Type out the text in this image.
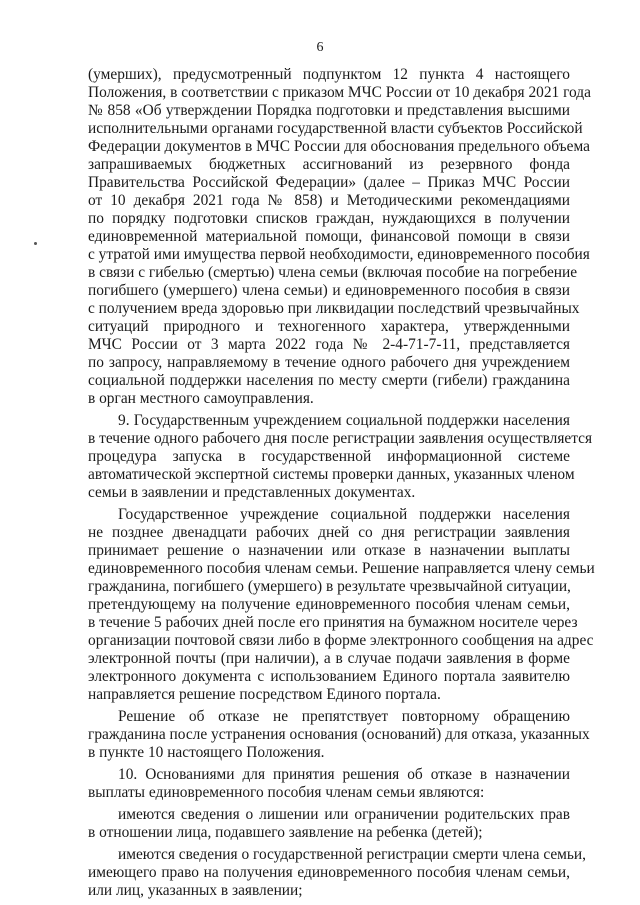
6
(умерших), предусмотренный подпунктом 12 пункта 4 настоящего
Положения, в соответствии с приказом МЧС России от 10 декабря 2021 года
№ 858 «Об утверждении Порядка подготовки и представления высшими
исполнительными органами государственной власти субъектов Российской
Федерации документов в МЧС России для обоснования предельного объема
запрашиваемых бюджетных ассигнований из резервного фонда
Правительства Российской Федерации» (далее – Приказ МЧС России
от 10 декабря 2021 года № 858) и Методическими рекомендациями
по порядку подготовки списков граждан, нуждающихся в получении
единовременной материальной помощи, финансовой помощи в связи
с утратой ими имущества первой необходимости, единовременного пособия
в связи с гибелью (смертью) члена семьи (включая пособие на погребение
погибшего (умершего) члена семьи) и единовременного пособия в связи
с получением вреда здоровью при ликвидации последствий чрезвычайных
ситуаций природного и техногенного характера, утвержденными
МЧС России от 3 марта 2022 года № 2-4-71-7-11, представляется
по запросу, направляемому в течение одного рабочего дня учреждением
социальной поддержки населения по месту смерти (гибели) гражданина
в орган местного самоуправления.
9. Государственным учреждением социальной поддержки населения
в течение одного рабочего дня после регистрации заявления осуществляется
процедура запуска в государственной информационной системе
автоматической экспертной системы проверки данных, указанных членом
семьи в заявлении и представленных документах.
Государственное учреждение социальной поддержки населения
не позднее двенадцати рабочих дней со дня регистрации заявления
принимает решение о назначении или отказе в назначении выплаты
единовременного пособия членам семьи. Решение направляется члену семьи
гражданина, погибшего (умершего) в результате чрезвычайной ситуации,
претендующему на получение единовременного пособия членам семьи,
в течение 5 рабочих дней после его принятия на бумажном носителе через
организации почтовой связи либо в форме электронного сообщения на адрес
электронной почты (при наличии), а в случае подачи заявления в форме
электронного документа с использованием Единого портала заявителю
направляется решение посредством Единого портала.
Решение об отказе не препятствует повторному обращению
гражданина после устранения основания (оснований) для отказа, указанных
в пункте 10 настоящего Положения.
10. Основаниями для принятия решения об отказе в назначении
выплаты единовременного пособия членам семьи являются:
имеются сведения о лишении или ограничении родительских прав
в отношении лица, подавшего заявление на ребенка (детей);
имеются сведения о государственной регистрации смерти члена семьи,
имеющего право на получения единовременного пособия членам семьи,
или лиц, указанных в заявлении;
